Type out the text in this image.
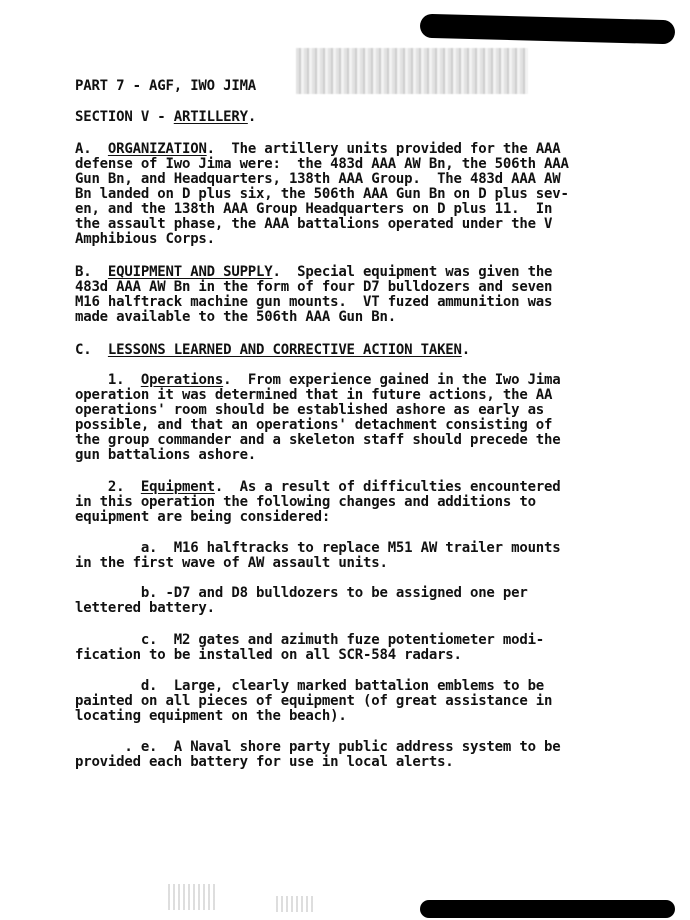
PART 7 - AGF, IWO JIMA
SECTION V - ARTILLERY.
A.  ORGANIZATION.  The artillery units provided for the AAA
defense of Iwo Jima were:  the 483d AAA AW Bn, the 506th AAA
Gun Bn, and Headquarters, 138th AAA Group.  The 483d AAA AW
Bn landed on D plus six, the 506th AAA Gun Bn on D plus sev-
en, and the 138th AAA Group Headquarters on D plus 11.  In
the assault phase, the AAA battalions operated under the V
Amphibious Corps.
B.  EQUIPMENT AND SUPPLY.  Special equipment was given the
483d AAA AW Bn in the form of four D7 bulldozers and seven
M16 halftrack machine gun mounts.  VT fuzed ammunition was
made available to the 506th AAA Gun Bn.
C.  LESSONS LEARNED AND CORRECTIVE ACTION TAKEN.
1.  Operations.  From experience gained in the Iwo Jima
operation it was determined that in future actions, the AA
operations' room should be established ashore as early as
possible, and that an operations' detachment consisting of
the group commander and a skeleton staff should precede the
gun battalions ashore.
2.  Equipment.  As a result of difficulties encountered
in this operation the following changes and additions to
equipment are being considered:
a.  M16 halftracks to replace M51 AW trailer mounts
in the first wave of AW assault units.
b. -D7 and D8 bulldozers to be assigned one per
lettered battery.
c.  M2 gates and azimuth fuze potentiometer modi-
fication to be installed on all SCR-584 radars.
d.  Large, clearly marked battalion emblems to be
painted on all pieces of equipment (of great assistance in
locating equipment on the beach).
. e.  A Naval shore party public address system to be
provided each battery for use in local alerts.
